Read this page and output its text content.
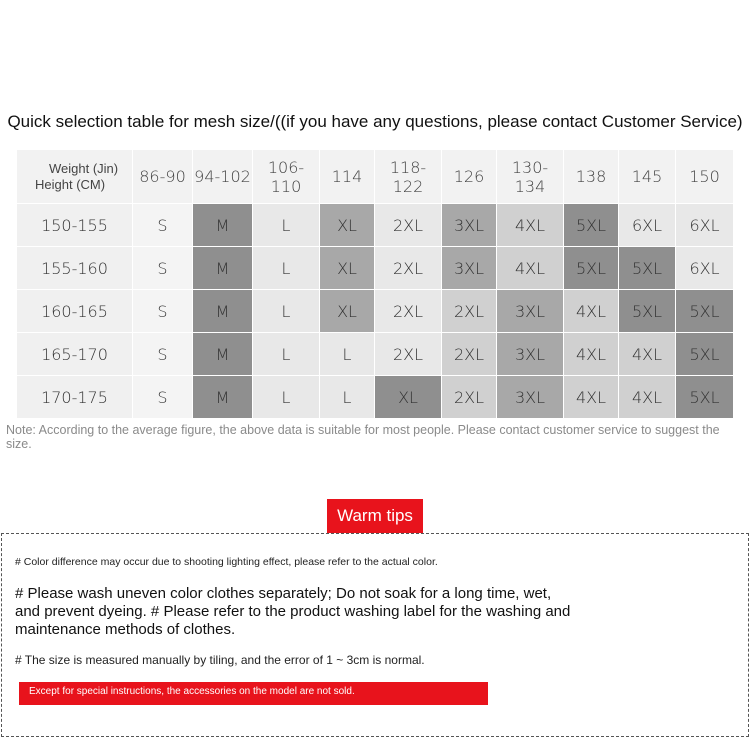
Quick selection table for mesh size/((if you have any questions, please contact Customer Service)
Weight (Jin)
Height (CM)	86-90	94-102	106-110	114	118-122	126	130-134	138	145	150
150-155	S	M	L	XL	2XL	3XL	4XL	5XL	6XL	6XL
155-160	S	M	L	XL	2XL	3XL	4XL	5XL	5XL	6XL
160-165	S	M	L	XL	2XL	2XL	3XL	4XL	5XL	5XL
165-170	S	M	L	L	2XL	2XL	3XL	4XL	4XL	5XL
170-175	S	M	L	L	XL	2XL	3XL	4XL	4XL	5XL
Note: According to the average figure, the above data is suitable for most people. Please contact customer service to suggest the size.
Warm tips
# Color difference may occur due to shooting lighting effect, please refer to the actual color.
# Please wash uneven color clothes separately; Do not soak for a long time, wet, and prevent dyeing. # Please refer to the product washing label for the washing and maintenance methods of clothes.
# The size is measured manually by tiling, and the error of 1 ~ 3cm is normal.
Except for special instructions, the accessories on the model are not sold.
